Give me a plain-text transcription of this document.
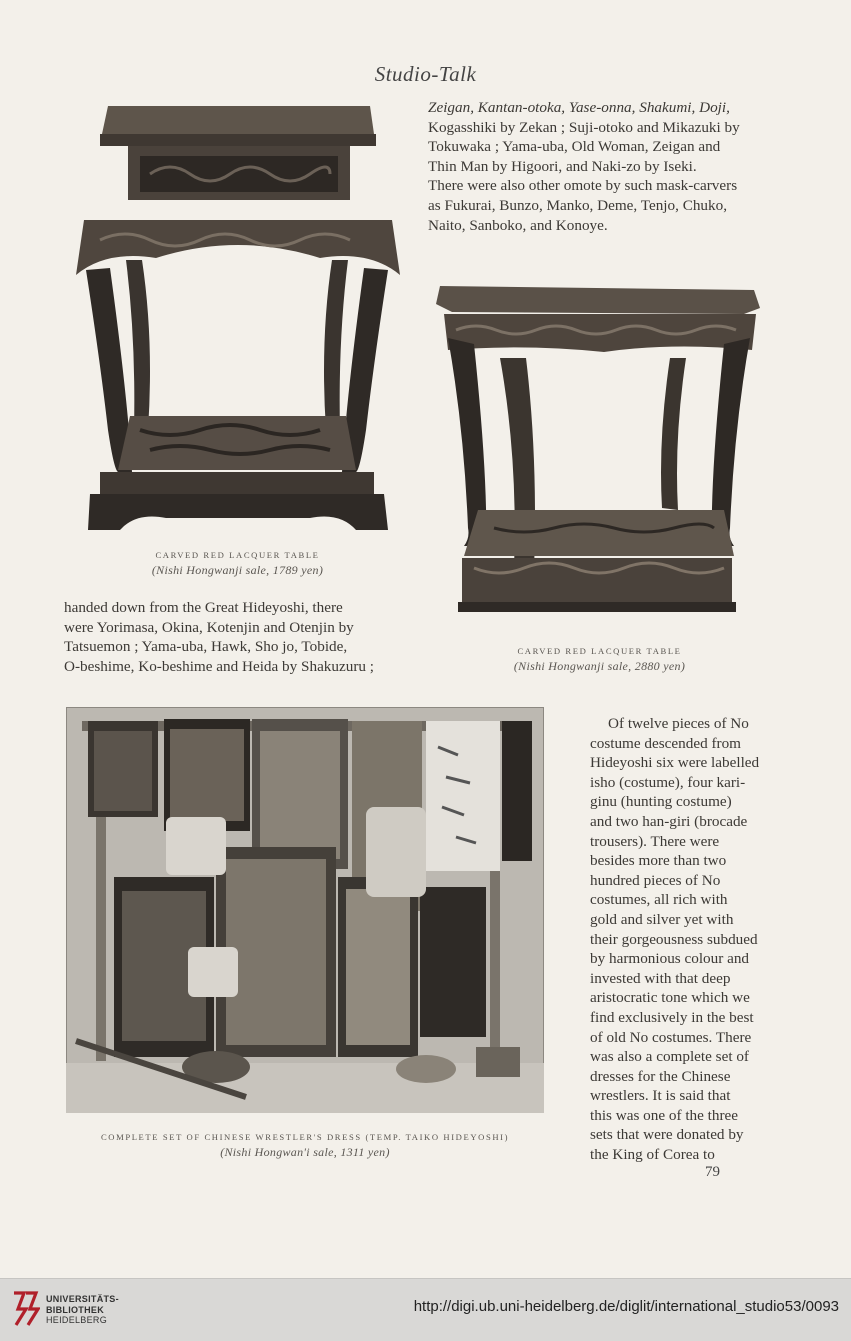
Studio-Talk
CARVED RED LACQUER TABLE
(Nishi Hongwanji sale, 1789 yen)

Zeigan, Kantan-otoka, Yase-onna, Shakumi, Doji,

Kogasshiki by Zekan ; Suji-otoko and Mikazuki by

Tokuwaka ; Yama-uba, Old Woman, Zeigan and

Thin Man by Higoori, and Naki-zo by Iseki.

There were also other omote by such mask-carvers

as Fukurai, Bunzo, Manko, Deme, Tenjo, Chuko,

Naito, Sanboko, and Konoye.

CARVED RED LACQUER TABLE
(Nishi Hongwanji sale, 2880 yen)

handed down from the Great Hideyoshi, there

were Yorimasa, Okina, Kotenjin and Otenjin by

Tatsuemon ; Yama-uba, Hawk, Sho jo, Tobide,

O-beshime, Ko-beshime and Heida by Shakuzuru ;

COMPLETE SET OF CHINESE WRESTLER'S DRESS (TEMP. TAIKO HIDEYOSHI)
(Nishi Hongwan'i sale, 1311 yen)

Of twelve pieces of No

costume descended from

Hideyoshi six were labelled

isho (costume), four kari-

ginu (hunting costume)

and two han-giri (brocade

trousers). There were

besides more than two

hundred pieces of No

costumes, all rich with

gold and silver yet with

their gorgeousness subdued

by harmonious colour and

invested with that deep

aristocratic tone which we

find exclusively in the best

of old No costumes. There

was also a complete set of

dresses for the Chinese

wrestlers. It is said that

this was one of the three

sets that were donated by

the King of Corea to

79
UNIVERSITÄTS-
BIBLIOTHEK
HEIDELBERG
http://digi.ub.uni-heidelberg.de/diglit/international_studio53/0093
